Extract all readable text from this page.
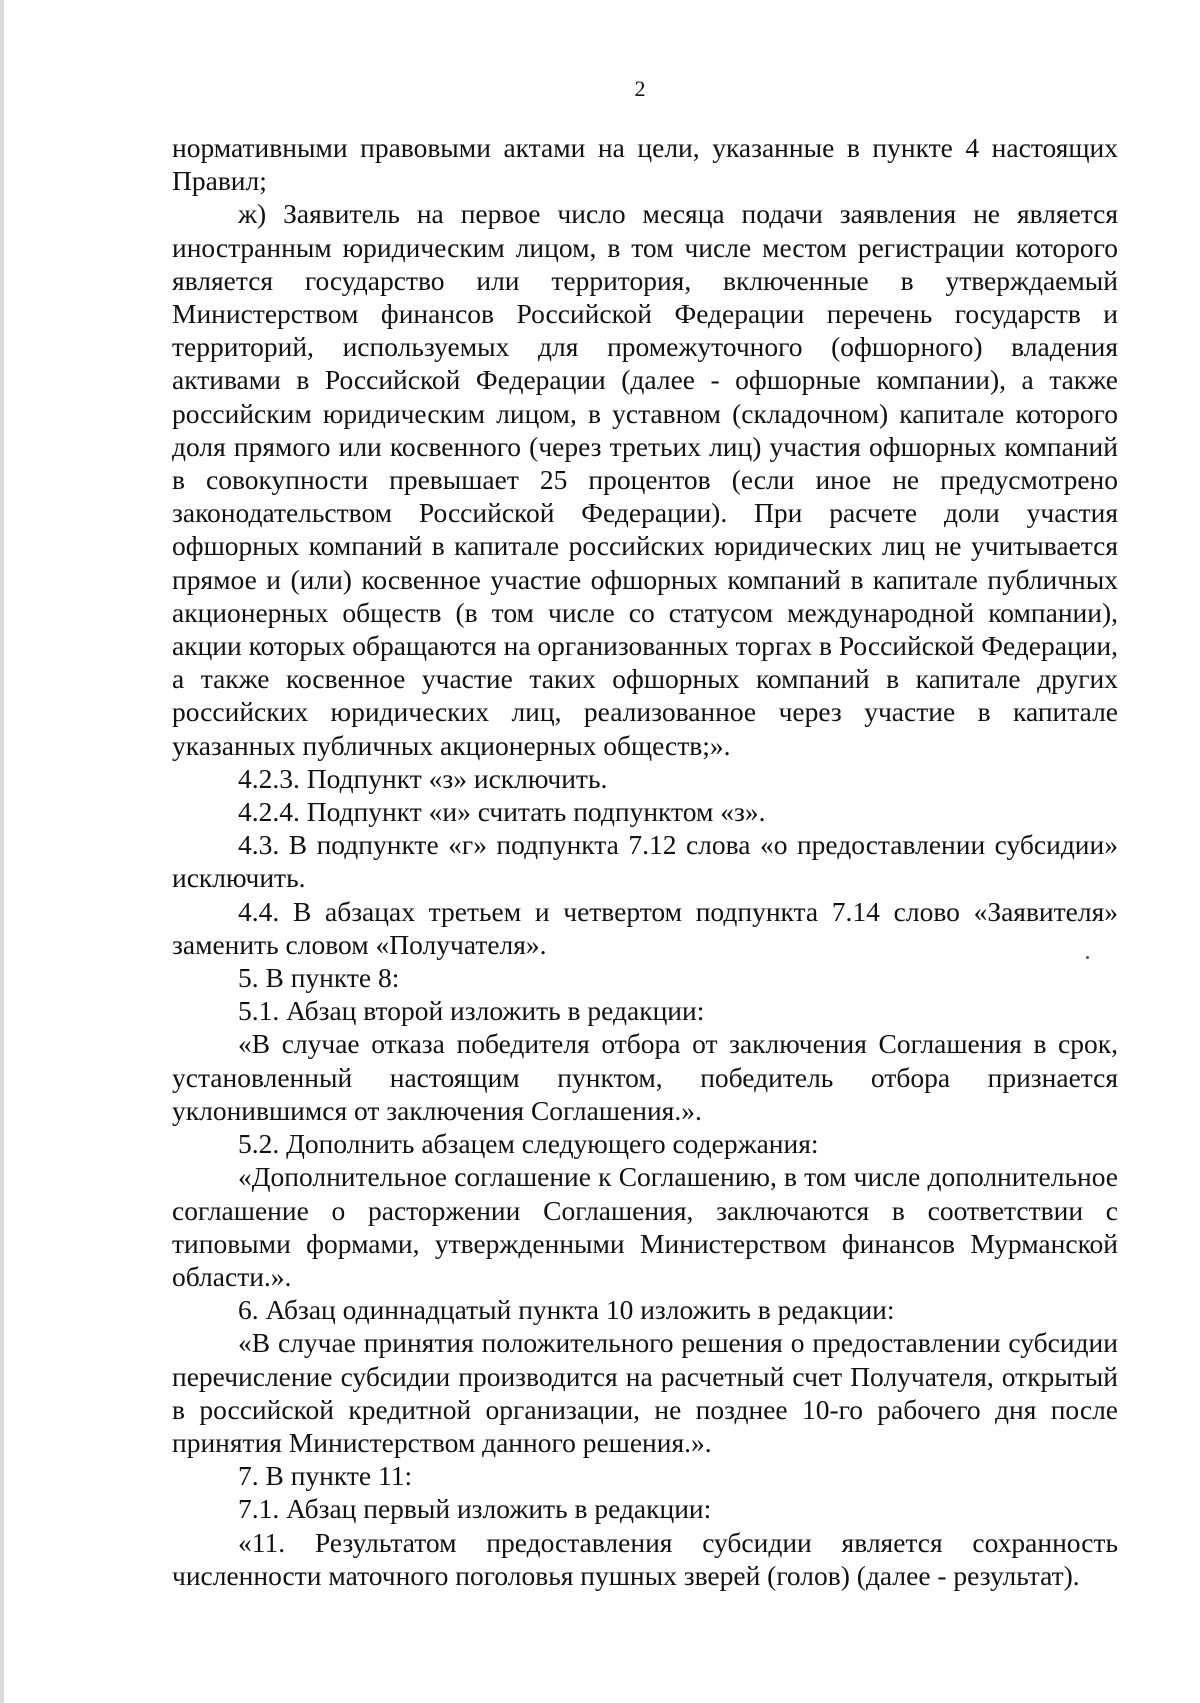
2

нормативными правовыми актами на цели, указанные в пункте 4 настоящих Правил;

ж) Заявитель на первое число месяца подачи заявления не является иностранным юридическим лицом, в том числе местом регистрации которого является государство или территория, включенные в утверждаемый Министерством финансов Российской Федерации перечень государств и территорий, используемых для промежуточного (офшорного) владения активами в Российской Федерации (далее - офшорные компании), а также российским юридическим лицом, в уставном (складочном) капитале которого доля прямого или косвенного (через третьих лиц) участия офшорных компаний в совокупности превышает 25 процентов (если иное не предусмотрено законодательством Российской Федерации). При расчете доли участия офшорных компаний в капитале российских юридических лиц не учитывается прямое и (или) косвенное участие офшорных компаний в капитале публичных акционерных обществ (в том числе со статусом международной компании), акции которых обращаются на организованных торгах в Российской Федерации, а также косвенное участие таких офшорных компаний в капитале других российских юридических лиц, реализованное через участие в капитале указанных публичных акционерных обществ;».

4.2.3. Подпункт «з» исключить.

4.2.4. Подпункт «и» считать подпунктом «з».

4.3. В подпункте «г» подпункта 7.12 слова «о предоставлении субсидии» исключить.

4.4. В абзацах третьем и четвертом подпункта 7.14 слово «Заявителя» заменить словом «Получателя».

5. В пункте 8:

5.1. Абзац второй изложить в редакции:

«В случае отказа победителя отбора от заключения Соглашения в срок, установленный настоящим пунктом, победитель отбора признается уклонившимся от заключения Соглашения.».

5.2. Дополнить абзацем следующего содержания:

«Дополнительное соглашение к Соглашению, в том числе дополнительное соглашение о расторжении Соглашения, заключаются в соответствии с типовыми формами, утвержденными Министерством финансов Мурманской области.».

6. Абзац одиннадцатый пункта 10 изложить в редакции:

«В случае принятия положительного решения о предоставлении субсидии перечисление субсидии производится на расчетный счет Получателя, открытый в российской кредитной организации, не позднее 10-го рабочего дня после принятия Министерством данного решения.».

7. В пункте 11:

7.1. Абзац первый изложить в редакции:

«11. Результатом предоставления субсидии является сохранность численности маточного поголовья пушных зверей (голов) (далее - результат).
